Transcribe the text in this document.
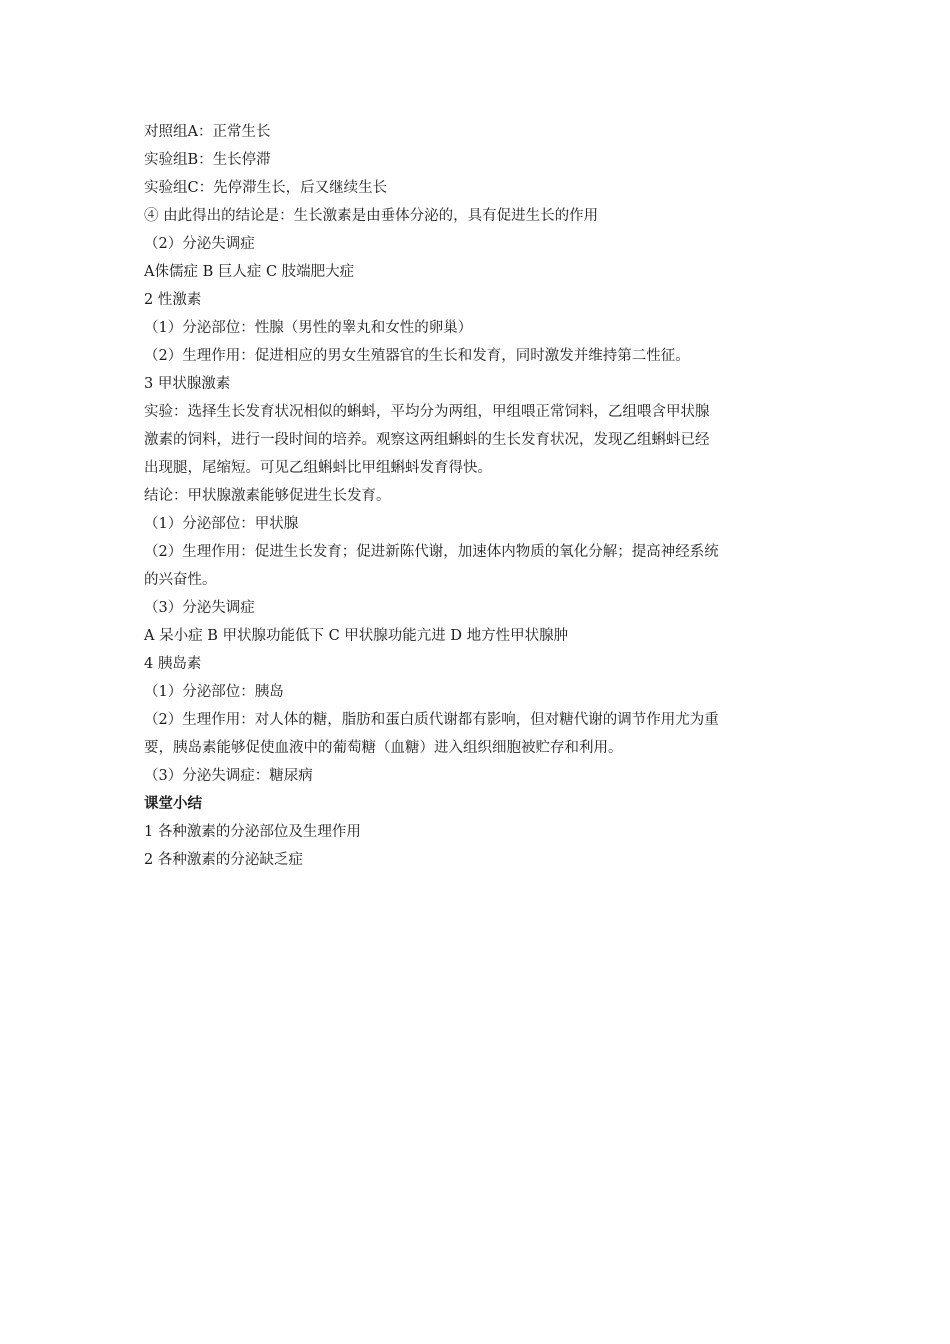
对照组A：正常生长
实验组B：生长停滞
实验组C：先停滞生长，后又继续生长
④ 由此得出的结论是：生长激素是由垂体分泌的，具有促进生长的作用
（2）分泌失调症
A侏儒症 B 巨人症 C 肢端肥大症
2 性激素
（1）分泌部位：性腺（男性的睾丸和女性的卵巢）
（2）生理作用：促进相应的男女生殖器官的生长和发育，同时激发并维持第二性征。
3 甲状腺激素
实验：选择生长发育状况相似的蝌蚪，平均分为两组，甲组喂正常饲料，乙组喂含甲状腺
激素的饲料，进行一段时间的培养。观察这两组蝌蚪的生长发育状况，发现乙组蝌蚪已经
出现腿，尾缩短。可见乙组蝌蚪比甲组蝌蚪发育得快。
结论：甲状腺激素能够促进生长发育。
（1）分泌部位：甲状腺
（2）生理作用：促进生长发育；促进新陈代谢，加速体内物质的氧化分解；提高神经系统
的兴奋性。
（3）分泌失调症
A 呆小症 B 甲状腺功能低下 C 甲状腺功能亢进 D 地方性甲状腺肿
4 胰岛素
（1）分泌部位：胰岛
（2）生理作用：对人体的糖，脂肪和蛋白质代谢都有影响，但对糖代谢的调节作用尤为重
要，胰岛素能够促使血液中的葡萄糖（血糖）进入组织细胞被贮存和利用。
（3）分泌失调症：糖尿病
课堂小结
1 各种激素的分泌部位及生理作用
2 各种激素的分泌缺乏症
